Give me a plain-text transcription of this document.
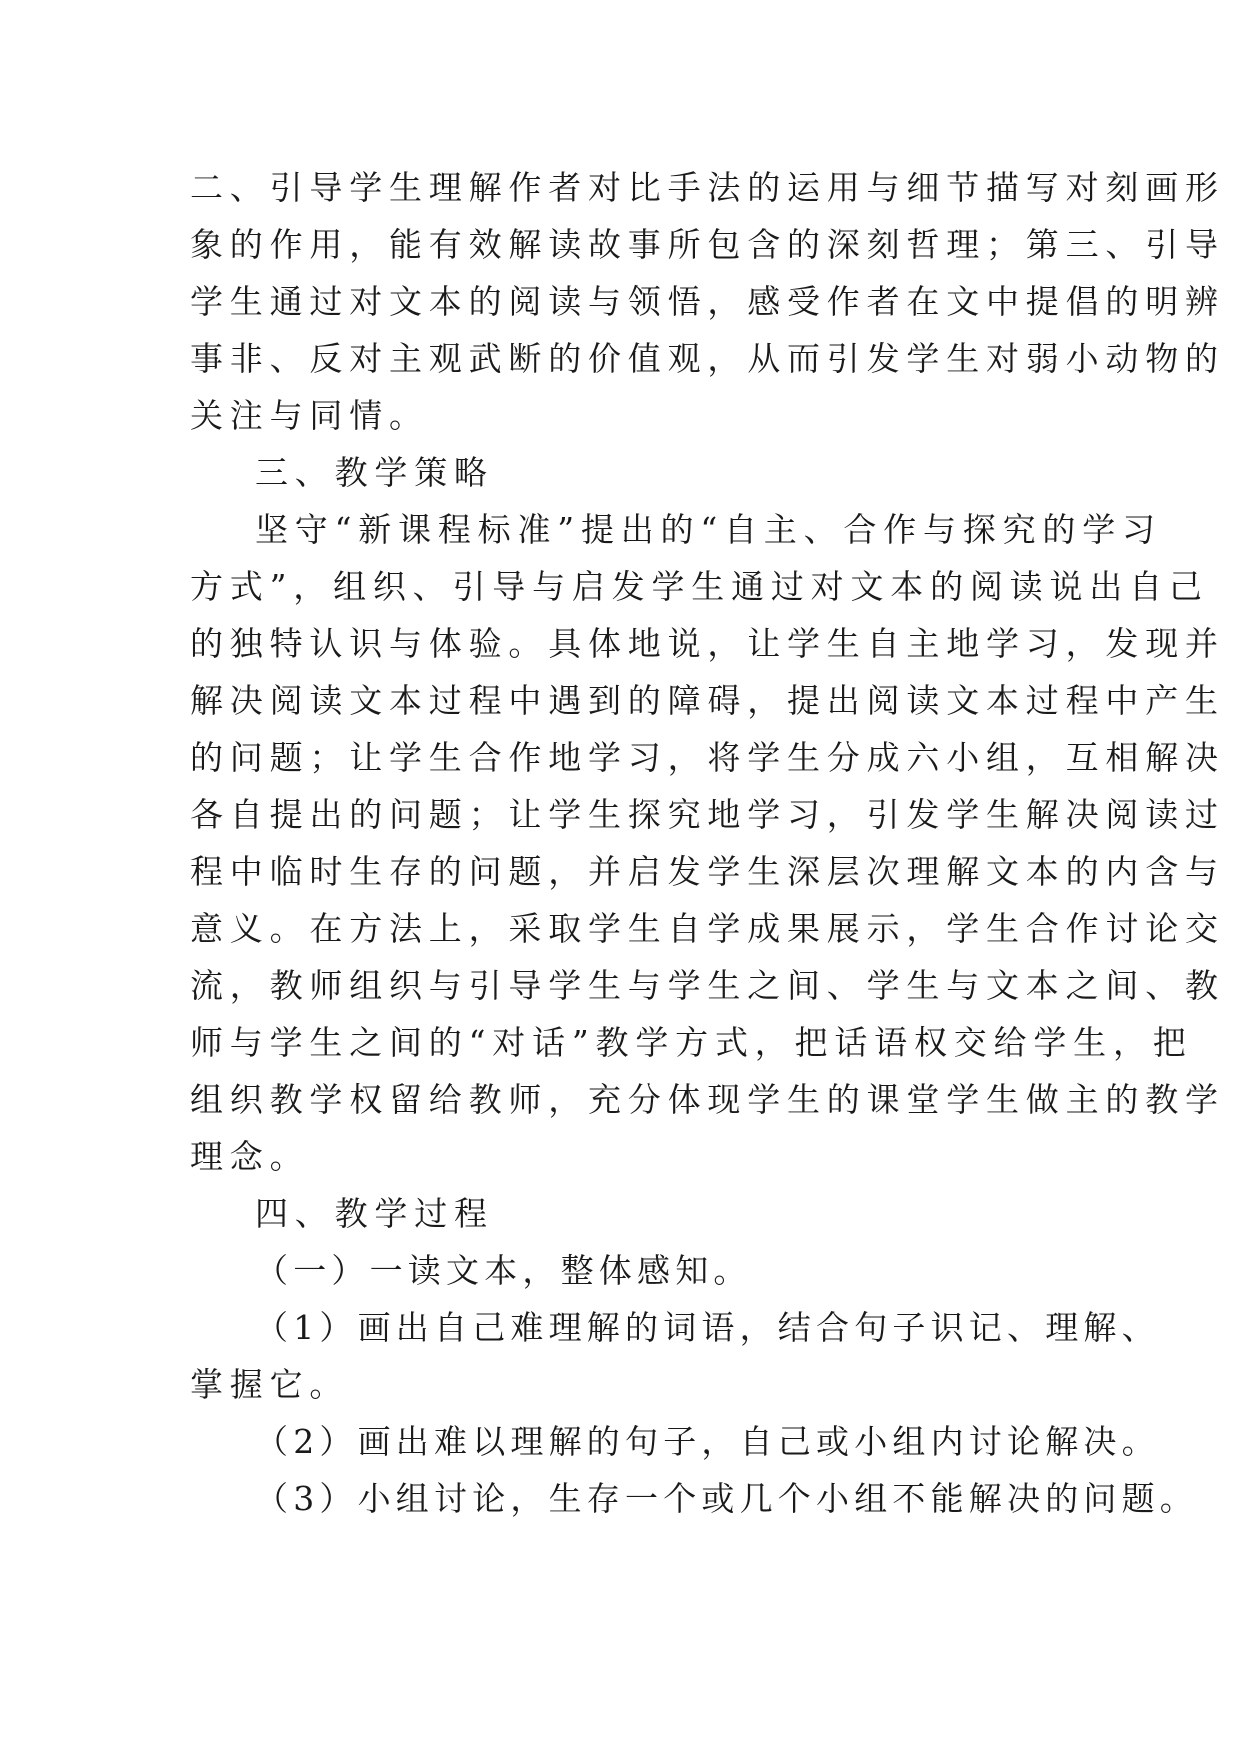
二、引导学生理解作者对比手法的运用与细节描写对刻画形
象的作用，能有效解读故事所包含的深刻哲理；第三、引导
学生通过对文本的阅读与领悟，感受作者在文中提倡的明辨
事非、反对主观武断的价值观，从而引发学生对弱小动物的
关注与同情。
三、教学策略
坚守“新课程标准”提出的“自主、合作与探究的学习
方式”，组织、引导与启发学生通过对文本的阅读说出自己
的独特认识与体验。具体地说，让学生自主地学习，发现并
解决阅读文本过程中遇到的障碍，提出阅读文本过程中产生
的问题；让学生合作地学习，将学生分成六小组，互相解决
各自提出的问题；让学生探究地学习，引发学生解决阅读过
程中临时生存的问题，并启发学生深层次理解文本的内含与
意义。在方法上，采取学生自学成果展示，学生合作讨论交
流，教师组织与引导学生与学生之间、学生与文本之间、教
师与学生之间的“对话”教学方式，把话语权交给学生，把
组织教学权留给教师，充分体现学生的课堂学生做主的教学
理念。
四、教学过程
（一）一读文本，整体感知。
（1）画出自己难理解的词语，结合句子识记、理解、
掌握它。
（2）画出难以理解的句子，自己或小组内讨论解决。
（3）小组讨论，生存一个或几个小组不能解决的问题。
